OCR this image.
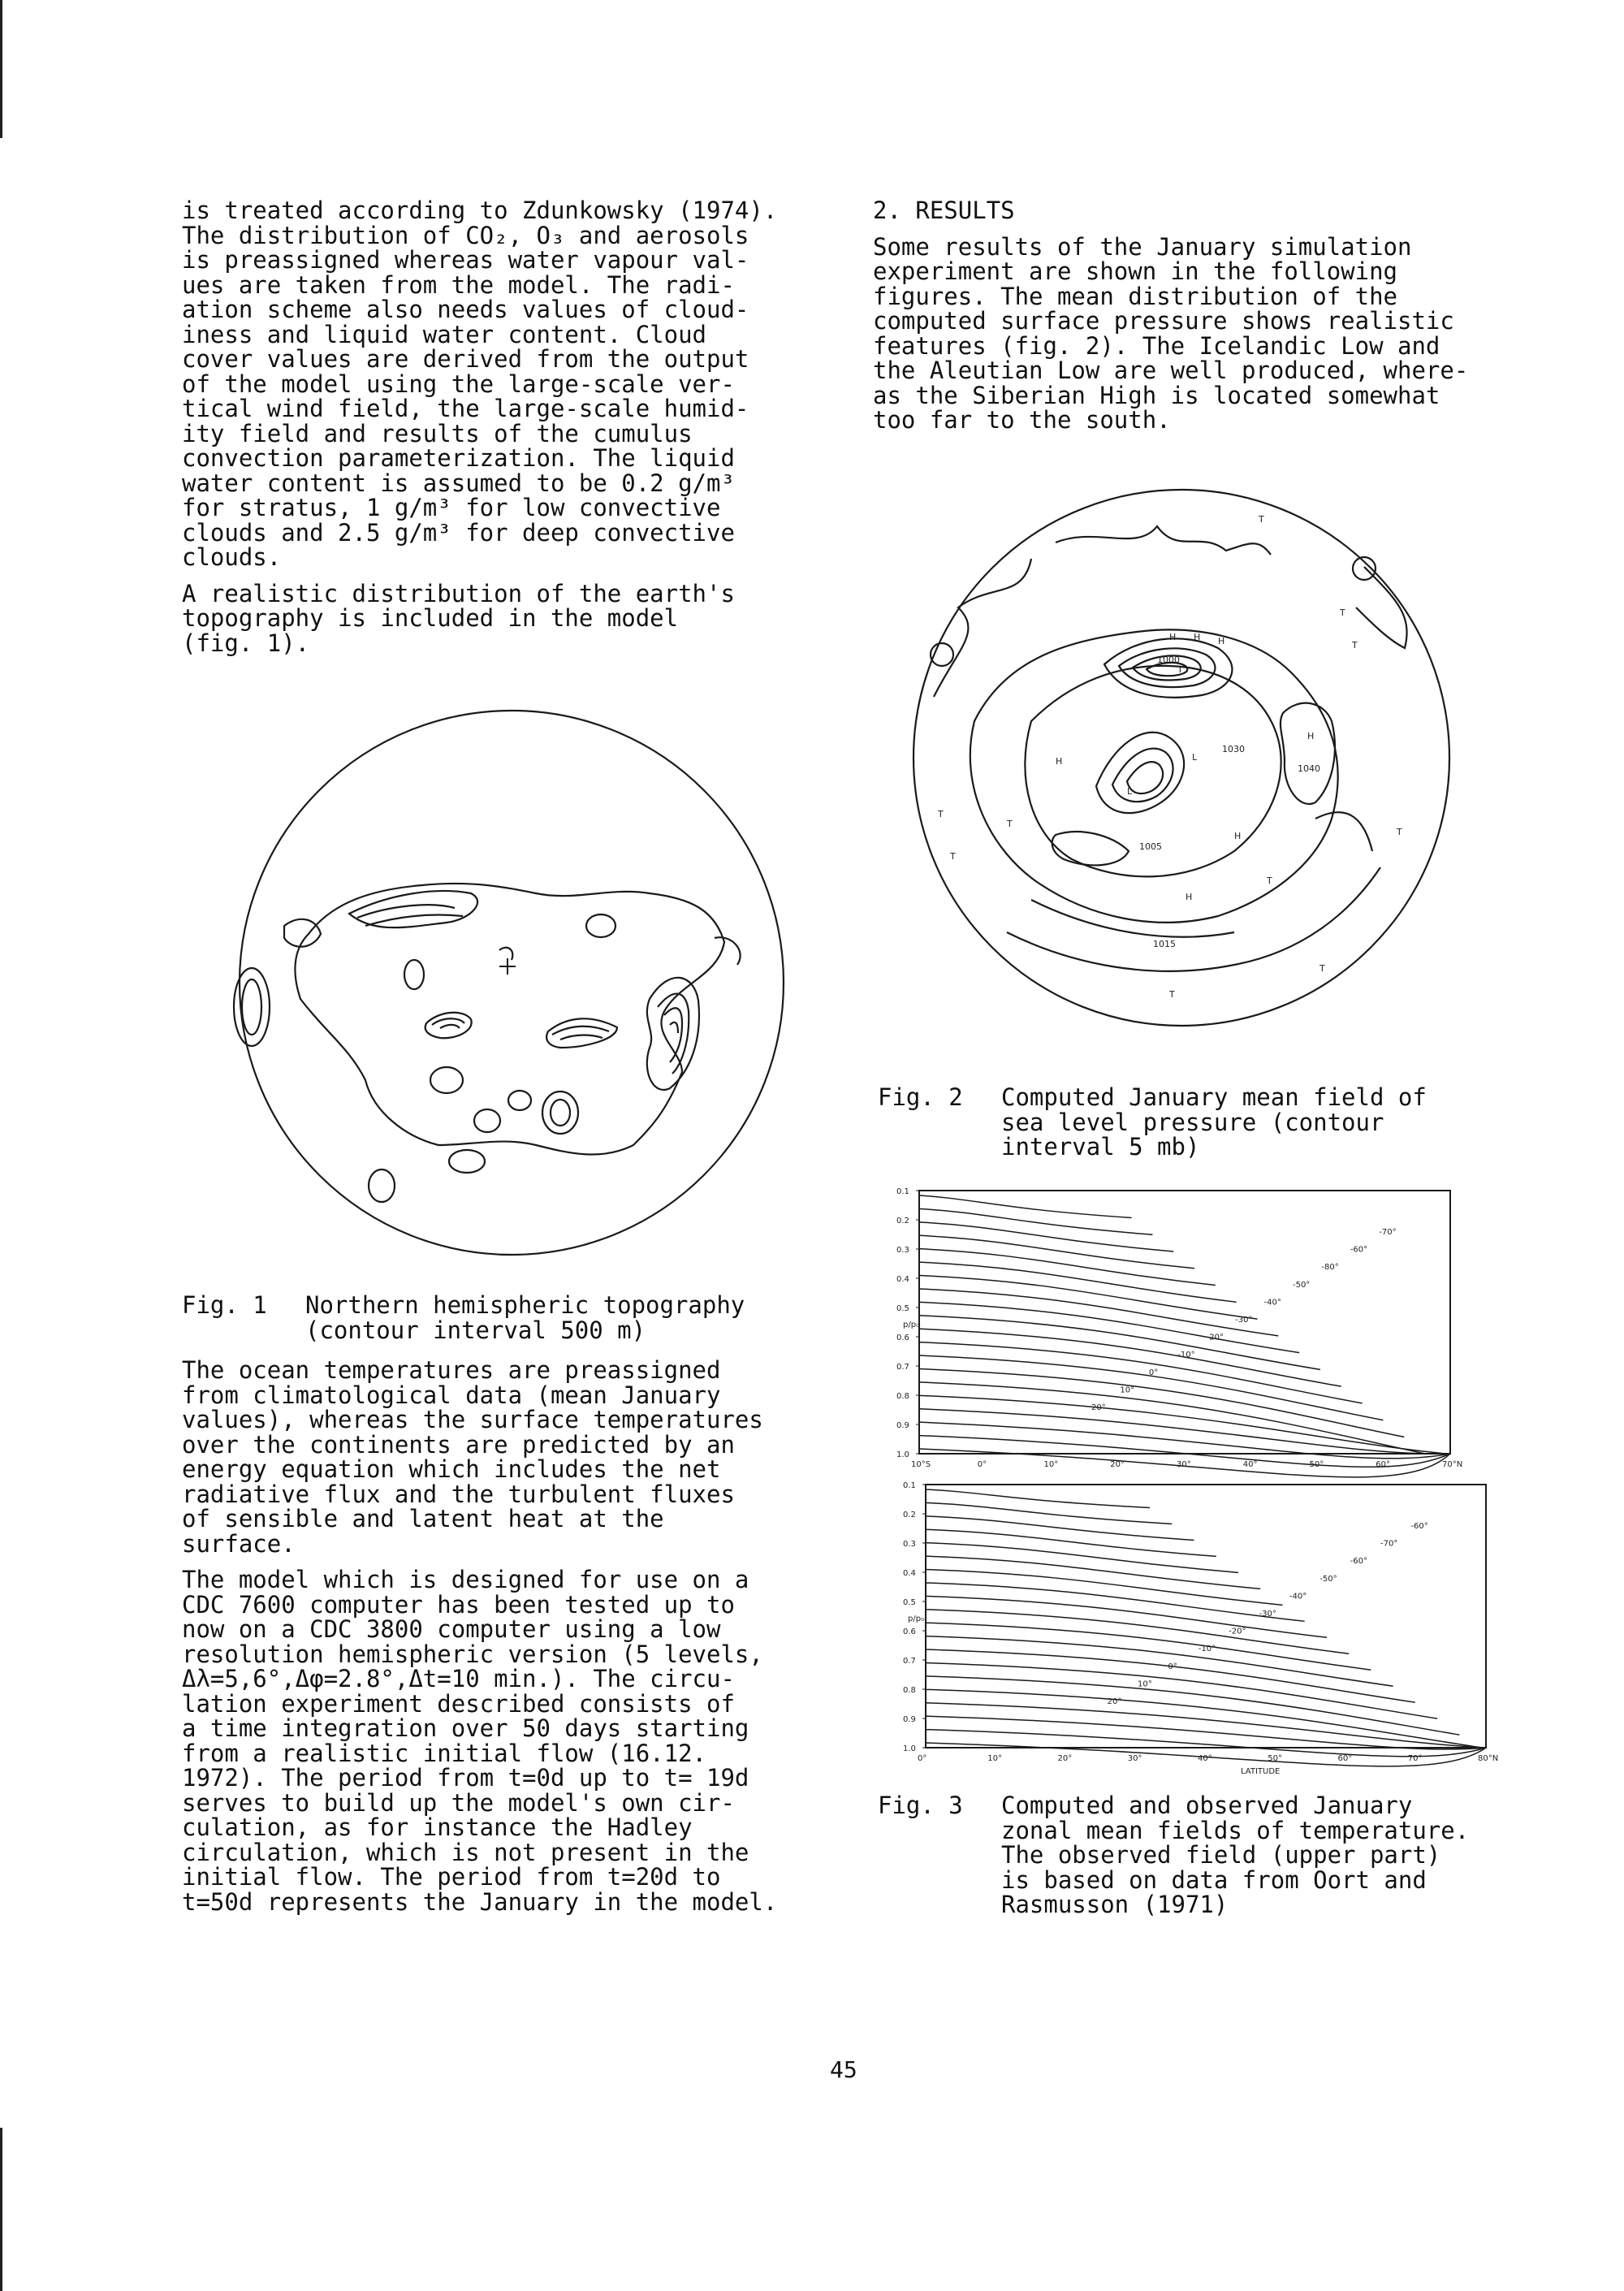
is treated according to Zdunkowsky (1974).
The distribution of CO₂, O₃ and aerosols
is preassigned whereas water vapour val-
ues are taken from the model. The radi-
ation scheme also needs values of cloud-
iness and liquid water content. Cloud
cover values are derived from the output
of the model using the large-scale ver-
tical wind field, the large-scale humid-
ity field and results of the cumulus
convection parameterization. The liquid
water content is assumed to be 0.2 g/m³
for stratus, 1 g/m³ for low convective
clouds and 2.5 g/m³ for deep convective
clouds.

A realistic distribution of the earth's
topography is included in the model
(fig. 1).

Fig. 1 Northern hemispheric topography
(contour interval 500 m)

The ocean temperatures are preassigned
from climatological data (mean January
values), whereas the surface temperatures
over the continents are predicted by an
energy equation which includes the net
radiative flux and the turbulent fluxes
of sensible and latent heat at the
surface.

The model which is designed for use on a
CDC 7600 computer has been tested up to
now on a CDC 3800 computer using a low
resolution hemispheric version (5 levels,
Δλ=5,6°,Δφ=2.8°,Δt=10 min.). The circu-
lation experiment described consists of
a time integration over 50 days starting
from a realistic initial flow (16.12.
1972). The period from t=0d up to t= 19d
serves to build up the model's own cir-
culation, as for instance the Hadley
circulation, which is not present in the
initial flow. The period from t=20d to
t=50d represents the January in the model.

2. RESULTS

Some results of the January simulation
experiment are shown in the following
figures. The mean distribution of the
computed surface pressure shows realistic
features (fig. 2). The Icelandic Low and
the Aleutian Low are well produced, where-
as the Siberian High is located somewhat
too far to the south.

1000
1030
1040
1005
1015
T
H H H
H
L
L
H
T
H
T
T
T
T
H
T
T
T
T
T
Fig. 2 Computed January mean field of
sea level pressure (contour
interval 5 mb)
0.1
0.2
0.3
0.4
0.5
0.6
0.7
0.8
0.9
1.0
10°S	0°	10°	20°	30°	40°	50°	60°	70°N
-70°
-60°
-80°
-50°
-40°
-30°
-20°
-10°
0°
10°
20°
p/p₀
0.1
0.2
0.3
0.4
0.5
0.6
0.7
0.8
0.9
1.0
0°	10°	20°	30°	40°	50°	60°	70°	80°N
-60°
-70°
-60°
-50°
-40°
-30°
-20°
-10°
0°
10°
20°
p/p₀
LATITUDE
Fig. 3 Computed and observed January
zonal mean fields of temperature.
The observed field (upper part)
is based on data from Oort and
Rasmusson (1971)
45
